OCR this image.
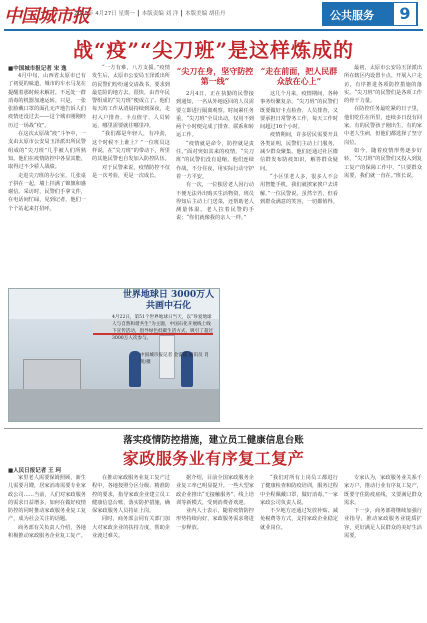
中国城市报
2020年 4月27日 星期一 ┃ 本版责编 刘 洋 ┃ 本版美编 胡佳丹	公共服务	9
战“疫”“尖刀班”是这样炼成的
■中国城市报记者 宋 逸

4月中旬，山西省太原市已有了初夏的味道，城市的车水马龙在提醒着那时候未解封。不远处一群消毒的机器加速运转。只是，一张张脸戴口罩的面孔无声地告诉人们疫情还没过去——这个城市刚刚经历过一场战“疫”。

在这次太原战“疫”斗争中，一支由太原市公安局玉泽派出所民警组成的“尖刀班”几乎被人们所熟知。他们在疫情防控中各显其能，取得过不少骄人战绩。

走进尖刀班的办公室，几张桌子拼在一起，墙上挂满了锦旗和感谢信。采访时，民警们手拿文件，在电话间忙碌，见到记者，他们一个个站起来打招呼。

“一方有难，八方支援。”疫情发生后，太原市公安局玉泽派出所的民警们纷纷递交请战书，要求到最危险的地方去。很快，由青年民警组成的“尖刀班”便成立了。他们每天的工作从清晨持续到深夜，走村入户排查、卡点值守、人员转运，哪里需要就往哪里冲。

“我们都是年轻人，有冲劲，这个时候不上谁上？”一位班员这样说。在“尖刀班”的带动下，所里的其他民警也自发加入防控队伍。

对于民警来说，疫情防控不仅是一次考验，更是一次成长。

“尖刀在身，坚守防控第一线”

2月4日，正在执勤的民警接到通知，一名从外地返回的人员需要立即进行隔离观察。时间紧任务重，“尖刀班”全员出动，仅用不到两个小时便完成了排查、联系和转运工作。

“疫情就是命令，防控就是责任。”面对突如其来的疫情，“尖刀班”的民警们没有退缩，他们连续作战，不分昼夜，用实际行动守护着一方平安。

有一次，一位独居老人因行动不便无法外出购买生活物资，班员得知后主动上门送菜，还帮助老人测量体温。老人拉着民警的手说：“你们就像我的亲人一样。”

“走在前面，把人民群众放在心上”

这几个月来，疫情期间，各种事务纷繁复杂，“尖刀班”的民警们既要做好卡点检查、人员排查，又要承担日常警务工作，每天工作时间超过16个小时。

疫情期间，许多居民需要开具各类证明，民警们主动上门服务，减少群众聚集。他们还通过社区微信群发布防疫知识，解答群众疑问。

“小区里老人多，很多人不会用智能手机，我们就挨家挨户去讲解。”一位民警说，虽然辛苦，但看到群众满意的笑容，一切都值得。

最初，太原市公安局玉泽派出所在辖区内设置卡点、开展入户走访，有序推进各项防控措施的落实。“尖刀班”的民警们是各项工作的骨干力量。

在防控任务最吃紧的日子里，他们吃住在所里，连续多日没有回家。有的民警孩子刚出生，有的家中老人生病，但他们都选择了坚守岗位。

如今，随着疫情形势逐步好转，“尖刀班”的民警们又投入到复工复产的保障工作中。“只要群众需要，我们就一直在。”班长说。

世界地球日 3000万人共画中石化
4月22日，第51个世界地球日当天，以“珍爱地球 人与自然和谐共生”为主题，中国石化开展线上线下宣传活动，倡导绿色低碳生活方式，吸引了超过3000万人次参与。
中国城市报记者 金雷霞 通讯员 肖 斐/摄
落实疫情防控措施，建立员工健康信息台账
家政服务业有序复工复产
■人民日报记者 王 珂

家里老人需要保姆照顾，新生儿需要月嫂，居家消毒需要专业家政公司……当前，人们对家政服务的需求日益增多，如何在做好疫情防控的同时推动家政服务业复工复产，成为社会关注的话题。

商务部有关负责人介绍，各地积极推动家政服务企业复工复产。

在推动家政服务业复工复产过程中，各地按照分区分级、精准防控的要求，指导家政企业建立员工健康信息台账，落实防护措施，确保家政服务人员持证上岗。

同时，商务部会同有关部门加大对家政企业的扶持力度，帮助企业渡过难关。

据介绍，目前全国家政服务企业复工率已明显提升。一些大型家政企业推出“无接触服务”、线上培训等新模式，受到消费者欢迎。

业内人士表示，随着疫情防控形势持续向好，家政服务需求将进一步释放。

“我们对所有上岗员工都进行了健康检查和防疫培训，服务过程中全程佩戴口罩，做好消毒。”一家家政公司负责人说。

不少地方还通过发放补贴、减免税费等方式，支持家政企业稳定就业岗位。

专家认为，家政服务业关系千家万户，推动行业有序复工复产，既要守住防疫底线，又要满足群众需求。

下一步，商务部将继续加强行业指导，推动家政服务业提质扩容，更好满足人民群众的美好生活需要。
